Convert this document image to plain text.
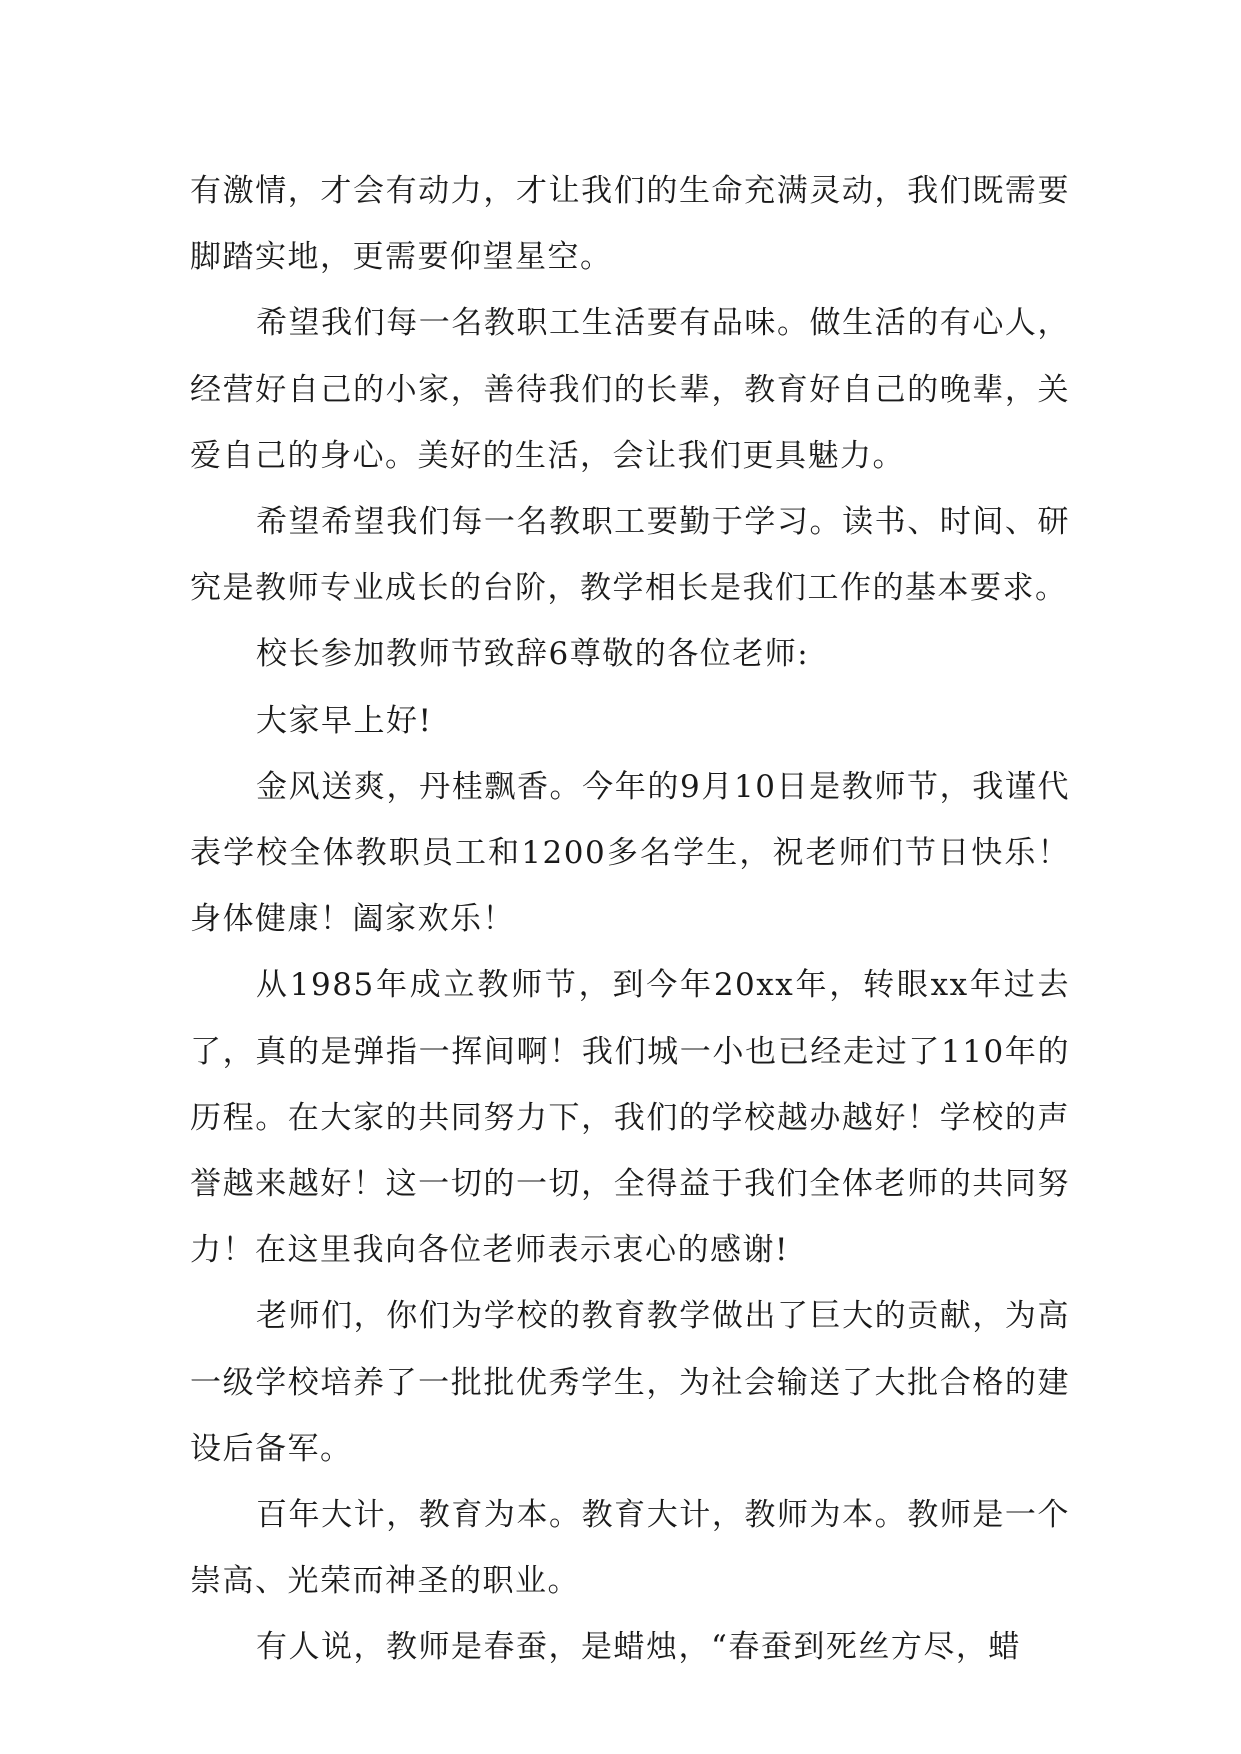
有激情，才会有动力，才让我们的生命充满灵动，我们既需要脚踏实地，更需要仰望星空。

希望我们每一名教职工生活要有品味。做生活的有心人，经营好自己的小家，善待我们的长辈，教育好自己的晚辈，关爱自己的身心。美好的生活，会让我们更具魅力。

希望希望我们每一名教职工要勤于学习。读书、时间、研究是教师专业成长的台阶，教学相长是我们工作的基本要求。

校长参加教师节致辞6尊敬的各位老师:

大家早上好!

金风送爽，丹桂飘香。今年的9月10日是教师节，我谨代表学校全体教职员工和1200多名学生，祝老师们节日快乐！身体健康！阖家欢乐！

从1985年成立教师节，到今年20xx年，转眼xx年过去了，真的是弹指一挥间啊！我们城一小也已经走过了110年的历程。在大家的共同努力下，我们的学校越办越好！学校的声誉越来越好！这一切的一切，全得益于我们全体老师的共同努力！在这里我向各位老师表示衷心的感谢!

老师们，你们为学校的教育教学做出了巨大的贡献，为高一级学校培养了一批批优秀学生，为社会输送了大批合格的建设后备军。

百年大计，教育为本。教育大计，教师为本。教师是一个崇高、光荣而神圣的职业。

有人说，教师是春蚕，是蜡烛，“春蚕到死丝方尽，蜡
